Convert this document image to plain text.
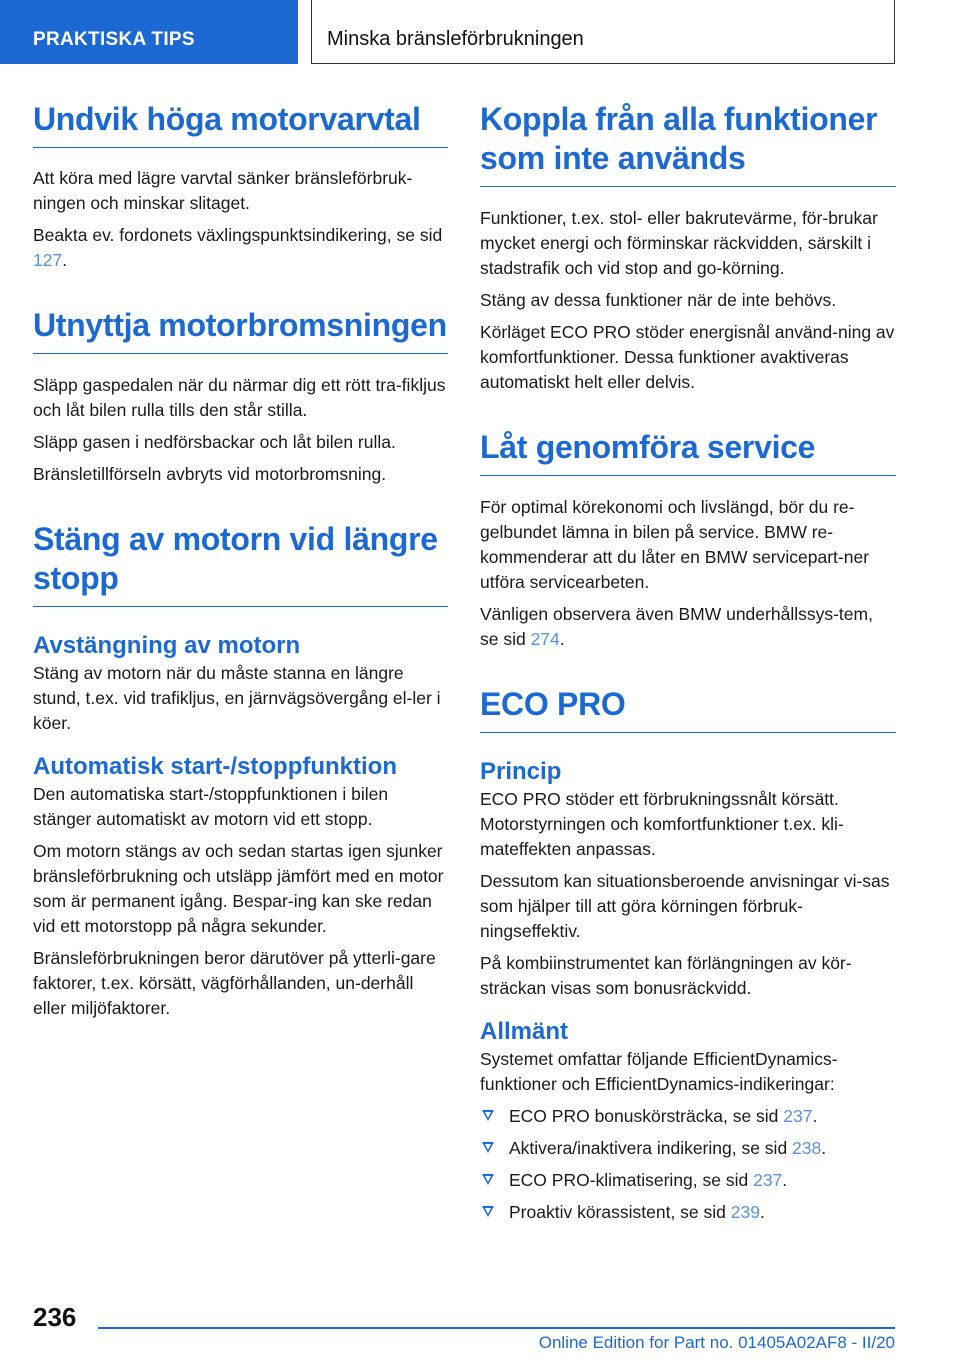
PRAKTISKA TIPS	Minska bränsleförbrukningen
Undvik höga motorvarvtal

Att köra med lägre varvtal sänker bränsleförbruk‐ningen och minskar slitaget.

Beakta ev. fordonets växlingspunktsindikering, se sid 127.

Utnyttja motorbromsningen

Släpp gaspedalen när du närmar dig ett rött tra‐fikljus och låt bilen rulla tills den står stilla.

Släpp gasen i nedförsbackar och låt bilen rulla.

Bränsletillförseln avbryts vid motorbromsning.

Stäng av motorn vid längre stopp
Avstängning av motorn

Stäng av motorn när du måste stanna en längre stund, t.ex. vid trafikljus, en järnvägsövergång el‐ler i köer.

Automatisk start-/stoppfunktion

Den automatiska start-/stoppfunktionen i bilen stänger automatiskt av motorn vid ett stopp.

Om motorn stängs av och sedan startas igen sjunker bränsleförbrukning och utsläpp jämfört med en motor som är permanent igång. Bespar‐ing kan ske redan vid ett motorstopp på några sekunder.

Bränsleförbrukningen beror därutöver på ytterli‐gare faktorer, t.ex. körsätt, vägförhållanden, un‐derhåll eller miljöfaktorer.

Koppla från alla funktioner som inte används

Funktioner, t.ex. stol- eller bakrutevärme, för‐brukar mycket energi och förminskar räckvidden, särskilt i stadstrafik och vid stop and go-körning.

Stäng av dessa funktioner när de inte behövs.

Körläget ECO PRO stöder energisnål använd‐ning av komfortfunktioner. Dessa funktioner avaktiveras automatiskt helt eller delvis.

Låt genomföra service

För optimal körekonomi och livslängd, bör du re‐gelbundet lämna in bilen på service. BMW re‐kommenderar att du låter en BMW servicepart‐ner utföra servicearbeten.

Vänligen observera även BMW underhållssys‐tem, se sid 274.

ECO PRO
Princip

ECO PRO stöder ett förbrukningssnålt körsätt. Motorstyrningen och komfortfunktioner t.ex. kli‐mateffekten anpassas.

Dessutom kan situationsberoende anvisningar vi‐sas som hjälper till att göra körningen förbruk‐ningseffektiv.

På kombiinstrumentet kan förlängningen av kör‐sträckan visas som bonusräckvidd.

Allmänt

Systemet omfattar följande EfficientDynamics-funktioner och EfficientDynamics-indikeringar:

ECO PRO bonuskörsträcka, se sid 237.
Aktivera/inaktivera indikering, se sid 238.
ECO PRO-klimatisering, se sid 237.
Proaktiv körassistent, se sid 239.
236
Online Edition for Part no. 01405A02AF8 - II/20
